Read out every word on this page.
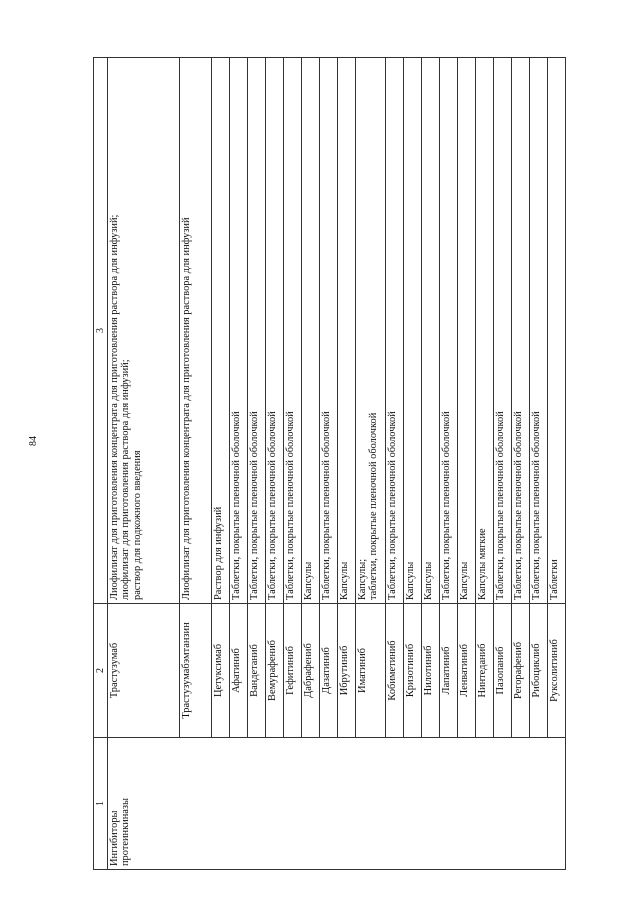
84
1	2	3
Ингибиторы протеинкиназы	Трастузумаб	Лиофилизат для приготовления концентрата для приготовления раствора для инфузий;
лиофилизат для приготовления раствора для инфузий;
раствор для подкожного введения
	Трастузумабэмтанзин	Лиофилизат для приготовления концентрата для приготовления раствора для инфузий
	Цетуксимаб	Раствор для инфузий
	Афатиниб	Таблетки, покрытые пленочной оболочкой
	Вандетаниб	Таблетки, покрытые пленочной оболочкой
	Вемурафениб	Таблетки, покрытые пленочной оболочкой
	Гефитиниб	Таблетки, покрытые пленочной оболочкой
	Дабрафениб	Капсулы
	Дазатиниб	Таблетки, покрытые пленочной оболочкой
	Ибрутиниб	Капсулы
	Иматиниб	Капсулы;
таблетки, покрытые пленочной оболочкой
	Кобиметиниб	Таблетки, покрытые пленочной оболочкой
	Кризотиниб	Капсулы
	Нилотиниб	Капсулы
	Лапатиниб	Таблетки, покрытые пленочной оболочкой
	Ленватиниб	Капсулы
	Нинтеданиб	Капсулы мягкие
	Пазопаниб	Таблетки, покрытые пленочной оболочкой
	Регорафениб	Таблетки, покрытые пленочной оболочкой
	Рибоциклиб	Таблетки, покрытые пленочной оболочкой
	Руксолитиниб	Таблетки
